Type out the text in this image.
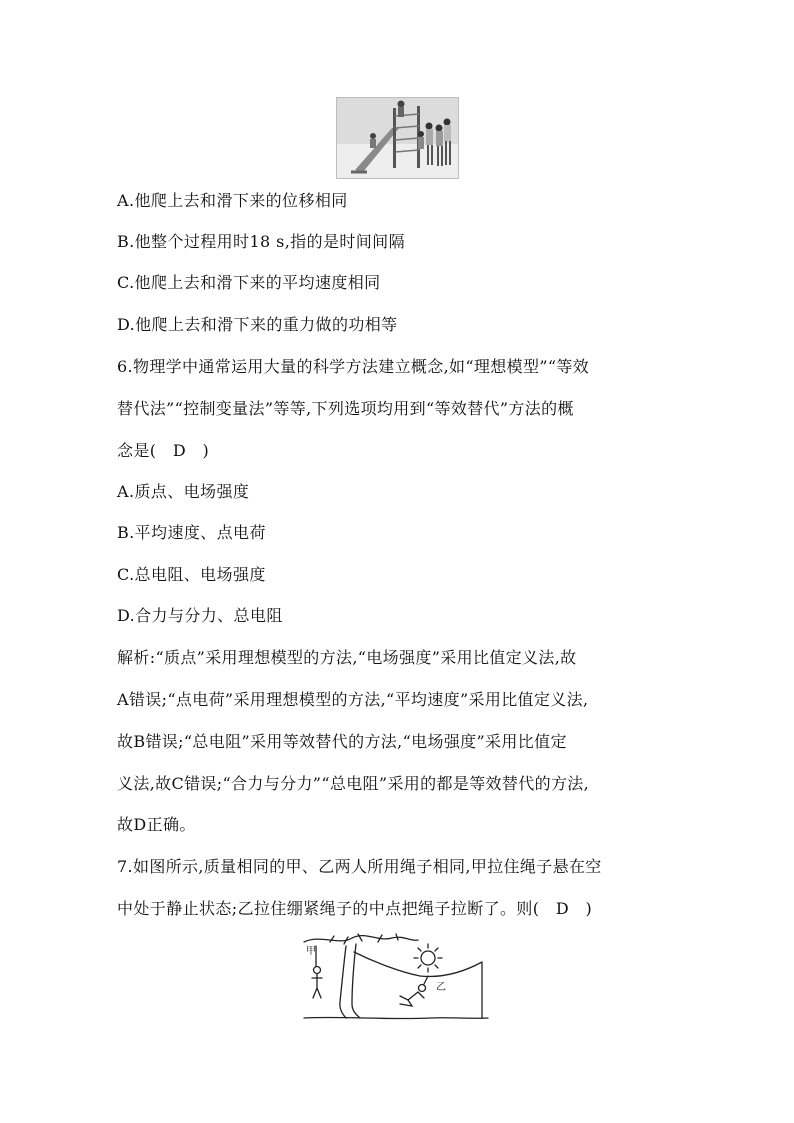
A.他爬上去和滑下来的位移相同
B.他整个过程用时18 s,指的是时间间隔
C.他爬上去和滑下来的平均速度相同
D.他爬上去和滑下来的重力做的功相等
6.物理学中通常运用大量的科学方法建立概念,如“理想模型”“等效
替代法”“控制变量法”等等,下列选项均用到“等效替代”方法的概
念是(　D　)
A.质点、电场强度
B.平均速度、点电荷
C.总电阻、电场强度
D.合力与分力、总电阻
解析:“质点”采用理想模型的方法,“电场强度”采用比值定义法,故
A错误;“点电荷”采用理想模型的方法,“平均速度”采用比值定义法,
故B错误;“总电阻”采用等效替代的方法,“电场强度”采用比值定
义法,故C错误;“合力与分力”“总电阻”采用的都是等效替代的方法,
故D正确。
7.如图所示,质量相同的甲、乙两人所用绳子相同,甲拉住绳子悬在空
中处于静止状态;乙拉住绷紧绳子的中点把绳子拉断了。则(　D　)
甲
乙
